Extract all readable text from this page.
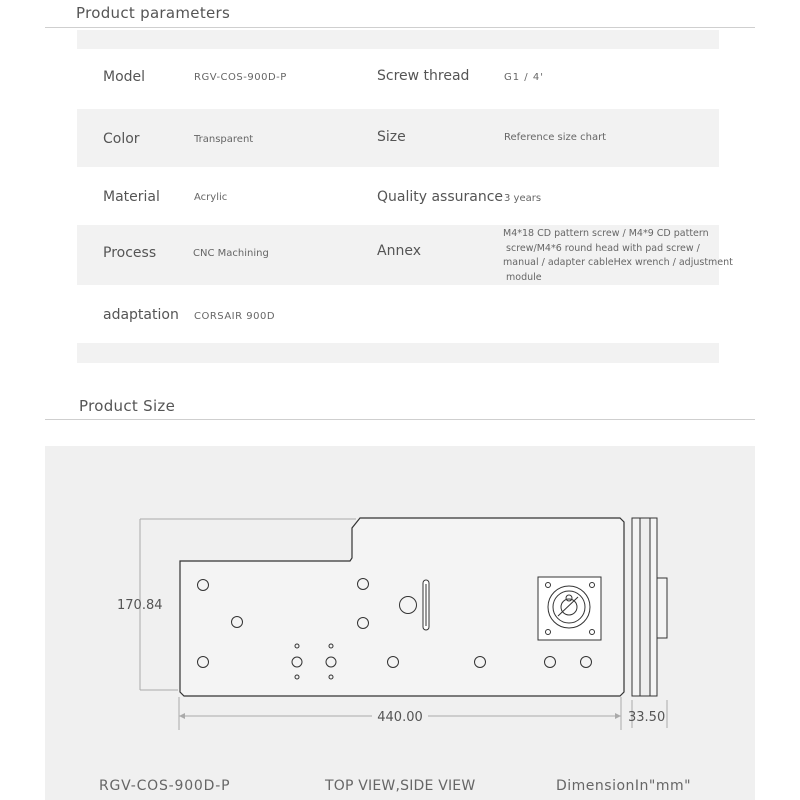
Product parameters
Model	RGV-COS-900D-P	Screw thread	G1 / 4'
Color	Transparent	Size	Reference size chart
Material	Acrylic	Quality assurance 3 years
Process	CNC Machining	Annex
M4*18 CD pattern screw / M4*9 CD pattern
screw/M4*6 round head with pad screw /
manual / adapter cableHex wrench / adjustment
module
adaptation CORSAIR 900D
Product Size
170.84
440.00	33.50
RGV-COS-900D-P	TOP VIEW,SIDE VIEW	DimensionIn"mm"
